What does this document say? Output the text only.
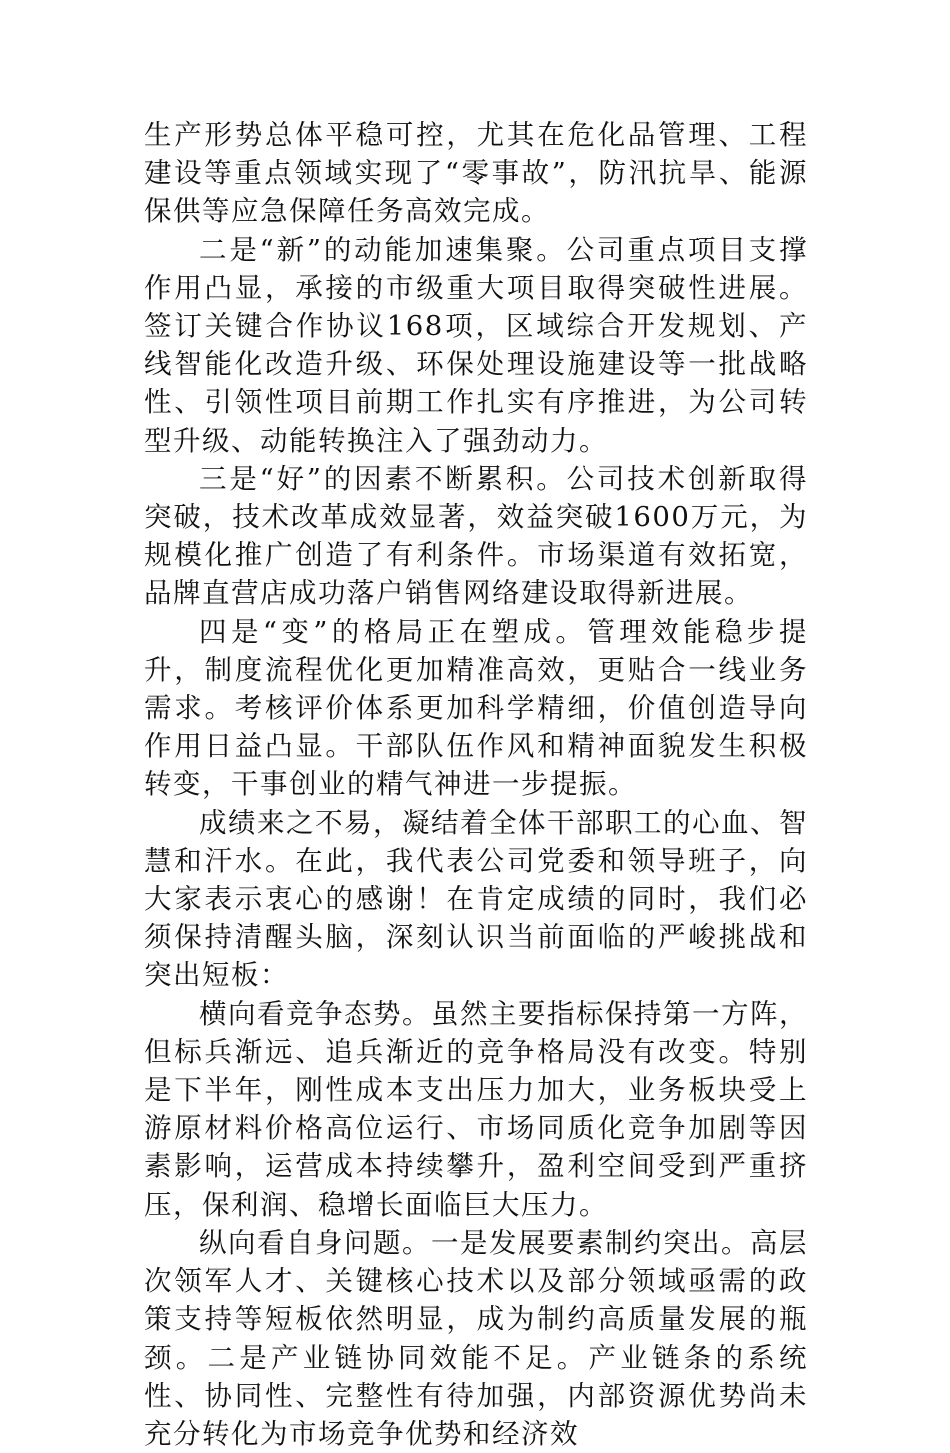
生产形势总体平稳可控，尤其在危化品管理、工程建设等重点领域实现了“零事故”，防汛抗旱、能源保供等应急保障任务高效完成。

二是“新”的动能加速集聚。公司重点项目支撑作用凸显，承接的市级重大项目取得突破性进展。签订关键合作协议168项，区域综合开发规划、产线智能化改造升级、环保处理设施建设等一批战略性、引领性项目前期工作扎实有序推进，为公司转型升级、动能转换注入了强劲动力。

三是“好”的因素不断累积。公司技术创新取得突破，技术改革成效显著，效益突破1600万元，为规模化推广创造了有利条件。市场渠道有效拓宽，品牌直营店成功落户销售网络建设取得新进展。

四是“变”的格局正在塑成。管理效能稳步提升，制度流程优化更加精准高效，更贴合一线业务需求。考核评价体系更加科学精细，价值创造导向作用日益凸显。干部队伍作风和精神面貌发生积极转变，干事创业的精气神进一步提振。

成绩来之不易，凝结着全体干部职工的心血、智慧和汗水。在此，我代表公司党委和领导班子，向大家表示衷心的感谢！在肯定成绩的同时，我们必须保持清醒头脑，深刻认识当前面临的严峻挑战和突出短板：

横向看竞争态势。虽然主要指标保持第一方阵，但标兵渐远、追兵渐近的竞争格局没有改变。特别是下半年，刚性成本支出压力加大，业务板块受上游原材料价格高位运行、市场同质化竞争加剧等因素影响，运营成本持续攀升，盈利空间受到严重挤压，保利润、稳增长面临巨大压力。

纵向看自身问题。一是发展要素制约突出。高层次领军人才、关键核心技术以及部分领域亟需的政策支持等短板依然明显，成为制约高质量发展的瓶颈。二是产业链协同效能不足。产业链条的系统性、协同性、完整性有待加强，内部资源优势尚未充分转化为市场竞争优势和经济效
